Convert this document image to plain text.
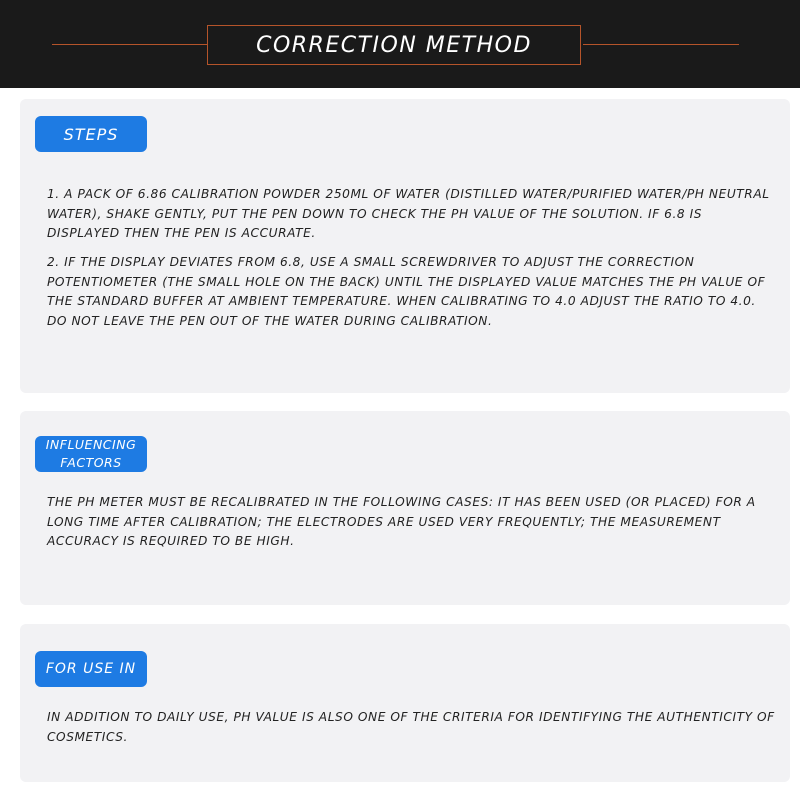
CORRECTION METHOD
STEPS

1. A PACK OF 6.86 CALIBRATION POWDER 250ML OF WATER (DISTILLED WATER/PURIFIED WATER/PH NEUTRAL WATER), SHAKE GENTLY, PUT THE PEN DOWN TO CHECK THE PH VALUE OF THE SOLUTION. IF 6.8 IS DISPLAYED THEN THE PEN IS ACCURATE.

2. IF THE DISPLAY DEVIATES FROM 6.8, USE A SMALL SCREWDRIVER TO ADJUST THE CORRECTION POTENTIOMETER (THE SMALL HOLE ON THE BACK) UNTIL THE DISPLAYED VALUE MATCHES THE PH VALUE OF THE STANDARD BUFFER AT AMBIENT TEMPERATURE. WHEN CALIBRATING TO 4.0 ADJUST THE RATIO TO 4.0. DO NOT LEAVE THE PEN OUT OF THE WATER DURING CALIBRATION.

INFLUENCING FACTORS

THE PH METER MUST BE RECALIBRATED IN THE FOLLOWING CASES: IT HAS BEEN USED (OR PLACED) FOR A LONG TIME AFTER CALIBRATION; THE ELECTRODES ARE USED VERY FREQUENTLY; THE MEASUREMENT ACCURACY IS REQUIRED TO BE HIGH.

FOR USE IN

IN ADDITION TO DAILY USE, PH VALUE IS ALSO ONE OF THE CRITERIA FOR IDENTIFYING THE AUTHENTICITY OF COSMETICS.
